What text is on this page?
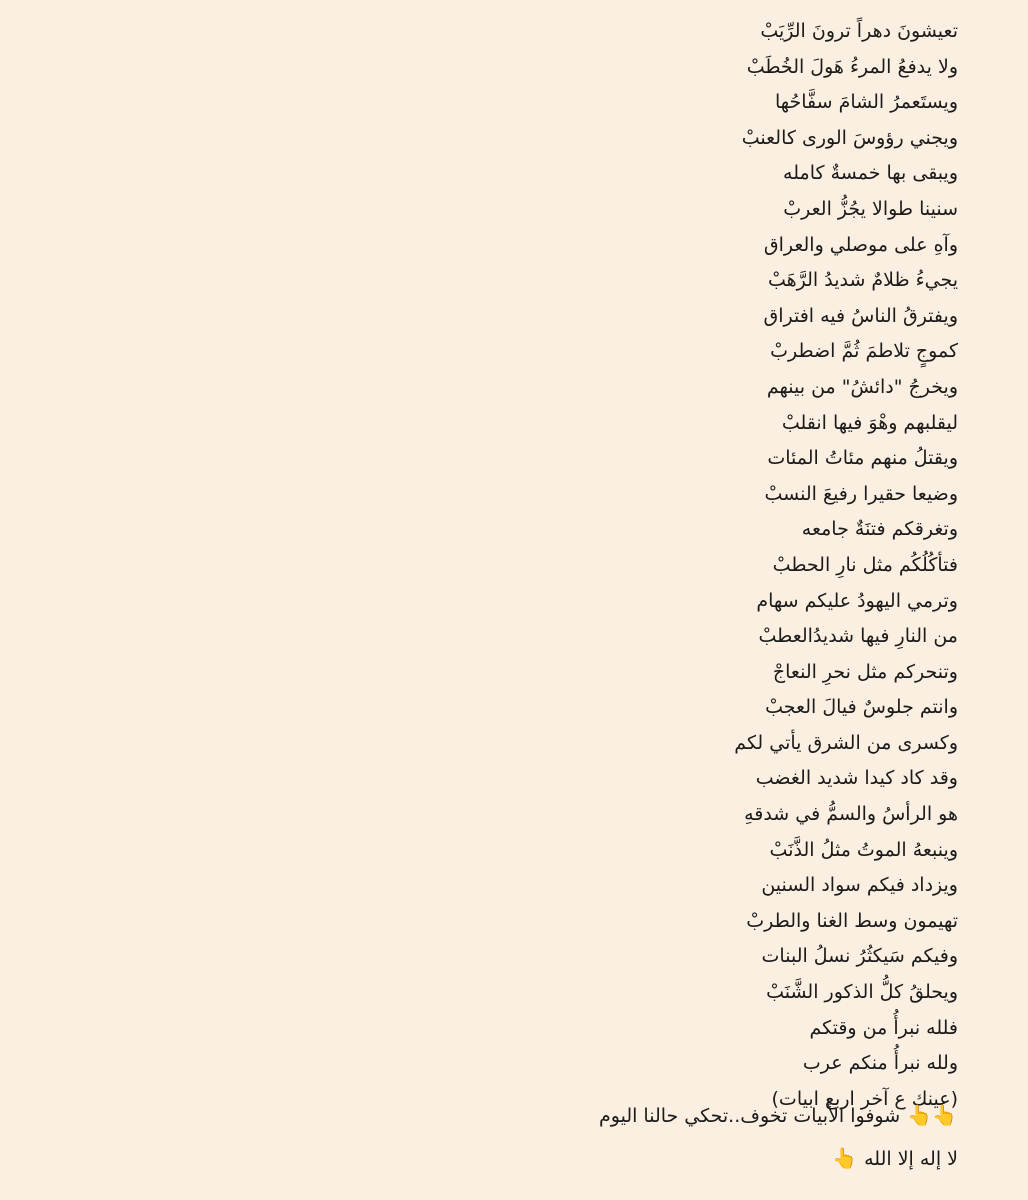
تعيشونَ دهراً ترونَ الرِّيَبْ
ولا يدفعُ المرءُ هَولَ الخُطَبْ
ويستَعمرُ الشامَ سفَّاحُها
ويجني رؤوسَ الورى كالعنبْ
ويبقى بها خمسةٌ كامله
سنينا طوالا يجُزُّ العربْ
وآهِ على موصلي والعراق
يجيءُ ظلامٌ شديدُ الرَّهَبْ
ويفترقُ الناسُ فيه افتراق
كموجٍ تلاطمَ ثُمَّ اضطربْ
ويخرجُ "دائشُ" من بينهم
ليقلبهم وهْوَ فيها انقلبْ
ويقتلُ منهم مئاتُ المئات
وضيعا حقيرا رفيعَ النسبْ
وتغرقكم فتنَةٌ جامعه
فتأكُلُكُم مثل نارِ الحطبْ
وترمي اليهودُ عليكم سهام
من النارِ فيها شديدُالعطبْ
وتنحركم مثل نحرِ النعاجْ
وانتم جلوسٌ فيالَ العجبْ
وكسرى من الشرق يأتي لكم
وقد كاد كيدا شديد الغضب
هو الرأسُ والسمُّ في شدقهِ
وينبعهُ الموتُ مثلُ الذَّنَبْ
ويزداد فيكم سواد السنين
تهيمون وسط الغنا والطربْ
وفيكم سَيكثُرُ نسلُ البنات
ويحلقُ كلُّ الذكور الشَّنَبْ
فلله نبرأُ من وقتكم
ولله نبرأُ منكم عرب
(عينك ع آخر اربع ابيات)
👆👆 شوفوا الأبيات تخوف..تحكي حالنا اليوم
لا إله إلا الله 👆
